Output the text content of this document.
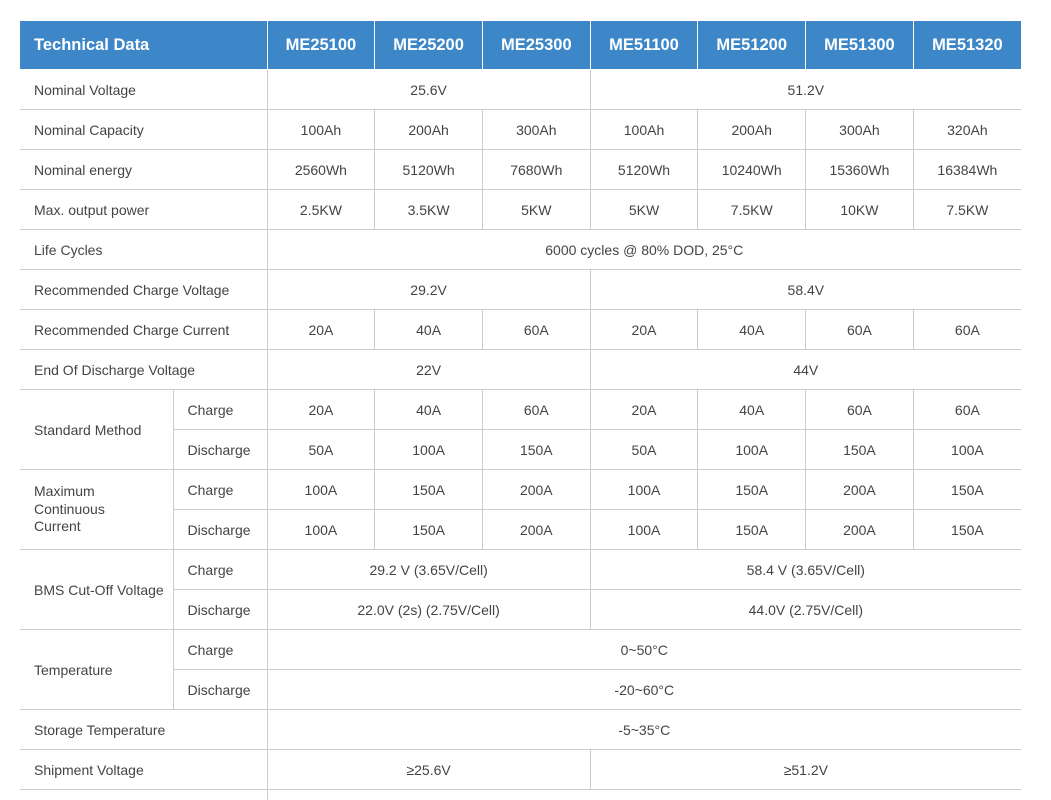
Technical Data		ME25100	ME25200	ME25300	ME51100	ME51200	ME51300	ME51320
Nominal Voltage		25.6V			51.2V			
Nominal Capacity		100Ah	200Ah	300Ah	100Ah	200Ah	300Ah	320Ah
Nominal energy		2560Wh	5120Wh	7680Wh	5120Wh	10240Wh	15360Wh	16384Wh
Max. output power		2.5KW	3.5KW	5KW	5KW	7.5KW	10KW	7.5KW
Life Cycles		6000 cycles @ 80% DOD, 25°C						
Recommended Charge Voltage		29.2V			58.4V			
Recommended Charge Current		20A	40A	60A	20A	40A	60A	60A
End Of Discharge Voltage		22V			44V			
Standard Method	Charge	20A	40A	60A	20A	40A	60A	60A
	Discharge	50A	100A	150A	50A	100A	150A	100A
Maximum
Continuous
Current	Charge	100A	150A	200A	100A	150A	200A	150A
	Discharge	100A	150A	200A	100A	150A	200A	150A
BMS Cut-Off Voltage	Charge	29.2 V (3.65V/Cell)			58.4 V (3.65V/Cell)			
	Discharge	22.0V (2s) (2.75V/Cell)			44.0V (2.75V/Cell)			
Temperature	Charge	0~50°C						
	Discharge	-20~60°C						
Storage Temperature		-5~35°C						
Shipment Voltage		≥25.6V			≥51.2V			
